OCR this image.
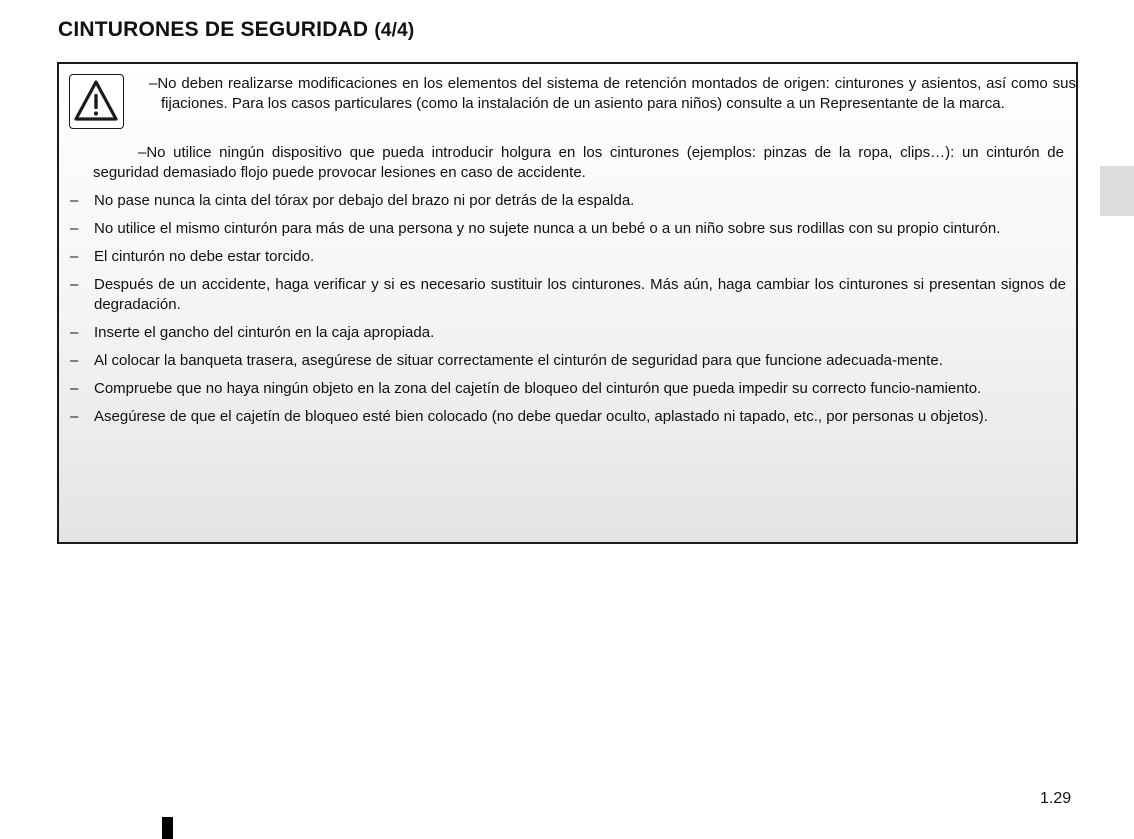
CINTURONES DE SEGURIDAD (4/4)
–No deben realizarse modificaciones en los elementos del sistema de retención montados de origen: cinturones y asientos, así como sus fijaciones. Para los casos particulares (como la instalación de un asiento para niños) consulte a un Representante de la marca.
–No utilice ningún dispositivo que pueda introducir holgura en los cinturones (ejemplos: pinzas de la ropa, clips…): un cinturón de seguridad demasiado flojo puede provocar lesiones en caso de accidente.
– No pase nunca la cinta del tórax por debajo del brazo ni por detrás de la espalda.
– No utilice el mismo cinturón para más de una persona y no sujete nunca a un bebé o a un niño sobre sus rodillas con su propio cinturón.
– El cinturón no debe estar torcido.
– Después de un accidente, haga verificar y si es necesario sustituir los cinturones. Más aún, haga cambiar los cinturones si presentan signos de degradación.
– Inserte el gancho del cinturón en la caja apropiada.
– Al colocar la banqueta trasera, asegúrese de situar correctamente el cinturón de seguridad para que funcione adecuada-mente.
– Compruebe que no haya ningún objeto en la zona del cajetín de bloqueo del cinturón que pueda impedir su correcto funcio-namiento.
– Asegúrese de que el cajetín de bloqueo esté bien colocado (no debe quedar oculto, aplastado ni tapado, etc., por personas u objetos).
1.29
